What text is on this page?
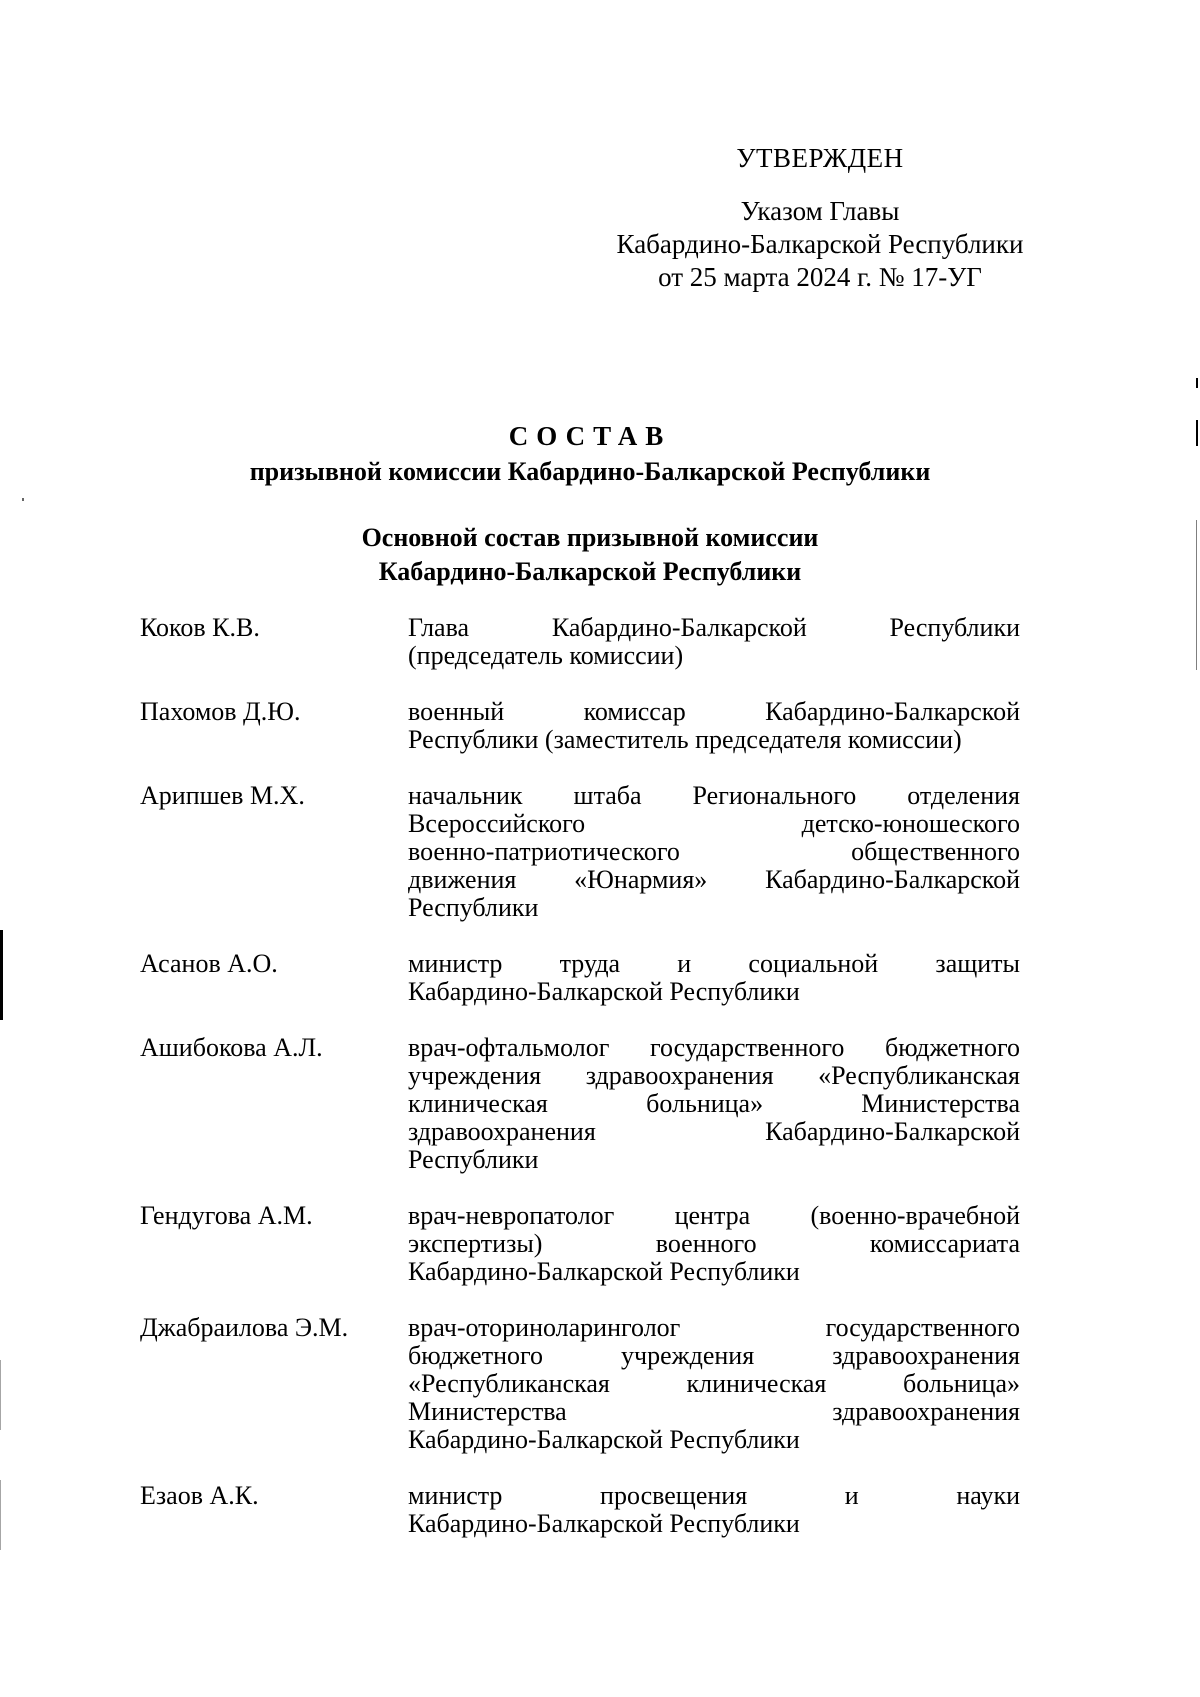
УТВЕРЖДЕН
Указом Главы
Кабардино-Балкарской Республики
от 25 марта 2024 г. № 17-УГ
СОСТАВ
призывной комиссии Кабардино-Балкарской Республики
Основной состав призывной комиссии
Кабардино-Балкарской Республики
Коков К.В.	Глава Кабардино-Балкарской Республики
(председатель комиссии)
Пахомов Д.Ю.	военный комиссар Кабардино-Балкарской
Республики (заместитель председателя комиссии)
Арипшев М.Х.	начальник штаба Регионального отделения
Всероссийского детско-юношеского
военно-патриотического общественного
движения «Юнармия» Кабардино-Балкарской
Республики
Асанов А.О.	министр труда и социальной защиты
Кабардино-Балкарской Республики
Ашибокова А.Л.	врач-офтальмолог государственного бюджетного
учреждения здравоохранения «Республиканская
клиническая больница» Министерства
здравоохранения Кабардино-Балкарской
Республики
Гендугова А.М.	врач-невропатолог центра (военно-врачебной
экспертизы) военного комиссариата
Кабардино-Балкарской Республики
Джабраилова Э.М.	врач-оториноларинголог государственного
бюджетного учреждения здравоохранения
«Республиканская клиническая больница»
Министерства здравоохранения
Кабардино-Балкарской Республики
Езаов А.К.	министр просвещения и науки
Кабардино-Балкарской Республики
